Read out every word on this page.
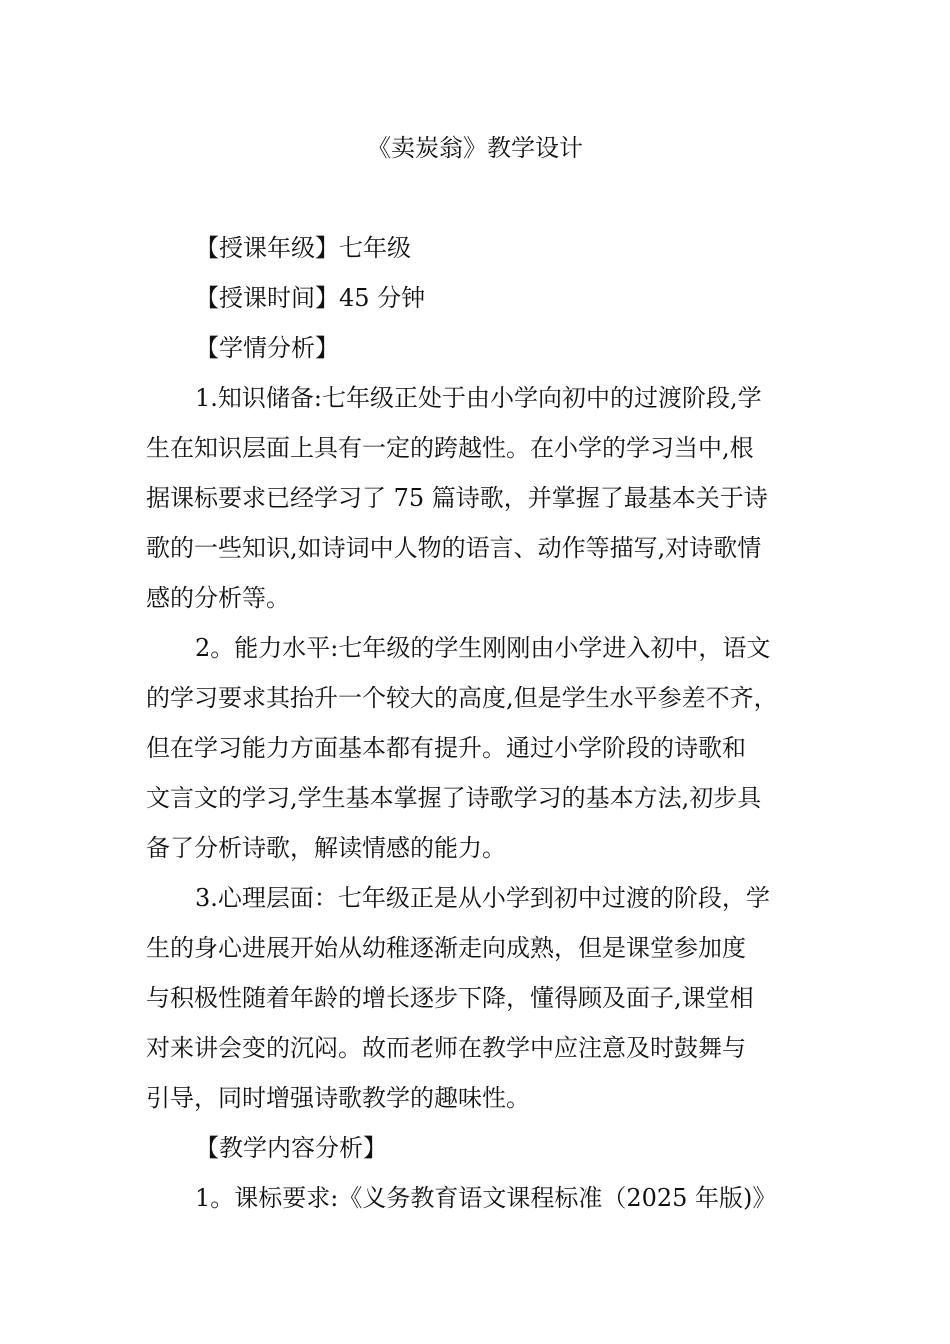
《卖炭翁》教学设计
【授课年级】七年级
【授课时间】45 分钟
【学情分析】
1.知识储备:七年级正处于由小学向初中的过渡阶段,学
生在知识层面上具有一定的跨越性。在小学的学习当中,根
据课标要求已经学习了 75 篇诗歌，并掌握了最基本关于诗
歌的一些知识,如诗词中人物的语言、动作等描写,对诗歌情
感的分析等。
2。能力水平:七年级的学生刚刚由小学进入初中，语文
的学习要求其抬升一个较大的高度,但是学生水平参差不齐，
但在学习能力方面基本都有提升。通过小学阶段的诗歌和
文言文的学习,学生基本掌握了诗歌学习的基本方法,初步具
备了分析诗歌，解读情感的能力。
3.心理层面：七年级正是从小学到初中过渡的阶段，学
生的身心进展开始从幼稚逐渐走向成熟，但是课堂参加度
与积极性随着年龄的增长逐步下降，懂得顾及面子,课堂相
对来讲会变的沉闷。故而老师在教学中应注意及时鼓舞与
引导，同时增强诗歌教学的趣味性。
【教学内容分析】
1。课标要求:《义务教育语文课程标准（2025 年版)》
